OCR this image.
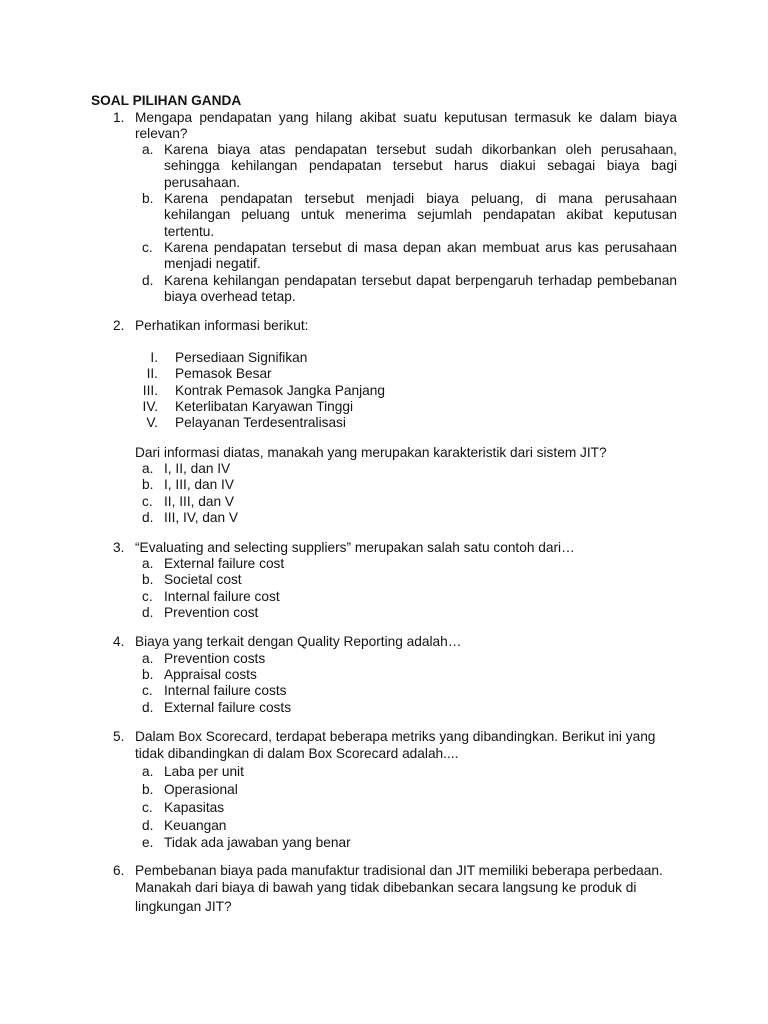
SOAL PILIHAN GANDA
1. Mengapa pendapatan yang hilang akibat suatu keputusan termasuk ke dalam biaya
relevan?
a. Karena biaya atas pendapatan tersebut sudah dikorbankan oleh perusahaan,
sehingga kehilangan pendapatan tersebut harus diakui sebagai biaya bagi
perusahaan.
b. Karena pendapatan tersebut menjadi biaya peluang, di mana perusahaan
kehilangan peluang untuk menerima sejumlah pendapatan akibat keputusan
tertentu.
c. Karena pendapatan tersebut di masa depan akan membuat arus kas perusahaan
menjadi negatif.
d. Karena kehilangan pendapatan tersebut dapat berpengaruh terhadap pembebanan
biaya overhead tetap.
2. Perhatikan informasi berikut:
I. Persediaan Signifikan
II. Pemasok Besar
III. Kontrak Pemasok Jangka Panjang
IV. Keterlibatan Karyawan Tinggi
V. Pelayanan Terdesentralisasi
Dari informasi diatas, manakah yang merupakan karakteristik dari sistem JIT?
a. I, II, dan IV
b. I, III, dan IV
c. II, III, dan V
d. III, IV, dan V
3. “Evaluating and selecting suppliers” merupakan salah satu contoh dari…
a. External failure cost
b. Societal cost
c. Internal failure cost
d. Prevention cost
4. Biaya yang terkait dengan Quality Reporting adalah…
a. Prevention costs
b. Appraisal costs
c. Internal failure costs
d. External failure costs
5. Dalam Box Scorecard, terdapat beberapa metriks yang dibandingkan. Berikut ini yang
tidak dibandingkan di dalam Box Scorecard adalah....
a. Laba per unit
b. Operasional
c. Kapasitas
d. Keuangan
e. Tidak ada jawaban yang benar
6. Pembebanan biaya pada manufaktur tradisional dan JIT memiliki beberapa perbedaan.
Manakah dari biaya di bawah yang tidak dibebankan secara langsung ke produk di
lingkungan JIT?
